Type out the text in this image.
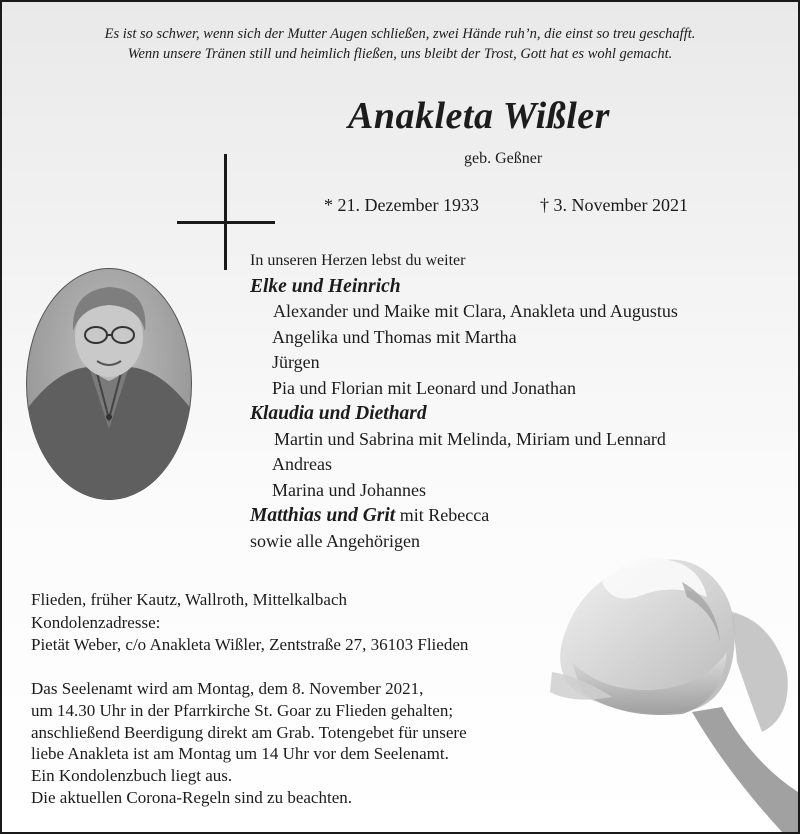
Es ist so schwer, wenn sich der Mutter Augen schließen, zwei Hände ruh’n, die einst so treu geschafft.
Wenn unsere Tränen still und heimlich fließen, uns bleibt der Trost, Gott hat es wohl gemacht.
Anakleta Wißler
geb. Geßner
* 21. Dezember 1933	† 3. November 2021
In unseren Herzen lebst du weiter
Elke und Heinrich
Alexander und Maike mit Clara, Anakleta und Augustus
Angelika und Thomas mit Martha
Jürgen
Pia und Florian mit Leonard und Jonathan
Klaudia und Diethard
Martin und Sabrina mit Melinda, Miriam und Lennard
Andreas
Marina und Johannes
Matthias und Grit mit Rebecca
sowie alle Angehörigen
Flieden, früher Kautz, Wallroth, Mittelkalbach
Kondolenzadresse:
Pietät Weber, c/o Anakleta Wißler, Zentstraße 27, 36103 Flieden
Das Seelenamt wird am Montag, dem 8. November 2021,
um 14.30 Uhr in der Pfarrkirche St. Goar zu Flieden gehalten;
anschließend Beerdigung direkt am Grab. Totengebet für unsere
liebe Anakleta ist am Montag um 14 Uhr vor dem Seelenamt.
Ein Kondolenzbuch liegt aus.
Die aktuellen Corona-Regeln sind zu beachten.
